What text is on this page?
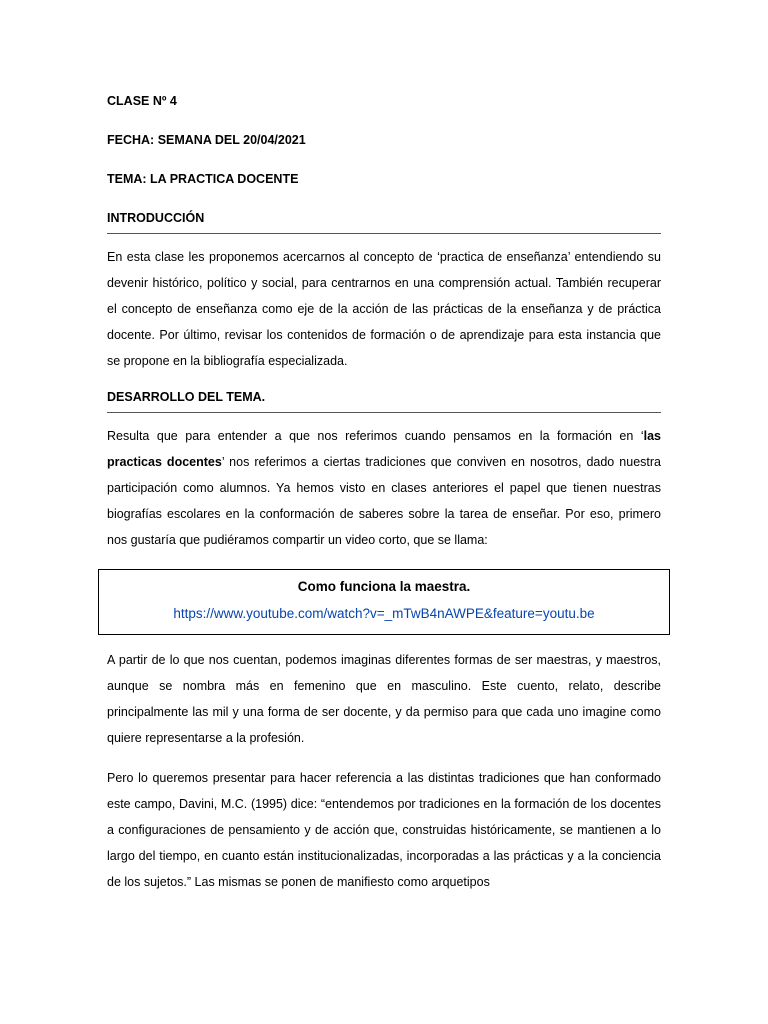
CLASE Nº 4

FECHA: SEMANA DEL 20/04/2021

TEMA: LA PRACTICA DOCENTE

INTRODUCCIÓN

En esta clase les proponemos acercarnos al concepto de ‘practica de enseñanza’ entendiendo su devenir histórico, político y social, para centrarnos en una comprensión actual. También recuperar el concepto de enseñanza como eje de la acción de las prácticas de la enseñanza y de práctica docente. Por último, revisar los contenidos de formación o de aprendizaje para esta instancia que se propone en la bibliografía especializada.

DESARROLLO DEL TEMA.

Resulta que para entender a que nos referimos cuando pensamos en la formación en ‘las practicas docentes’ nos referimos a ciertas tradiciones que conviven en nosotros, dado nuestra participación como alumnos. Ya hemos visto en clases anteriores el papel que tienen nuestras biografías escolares en la conformación de saberes sobre la tarea de enseñar. Por eso, primero nos gustaría que pudiéramos compartir un video corto, que se llama:

Como funciona la maestra.

https://www.youtube.com/watch?v=_mTwB4nAWPE&feature=youtu.be

A partir de lo que nos cuentan, podemos imaginas diferentes formas de ser maestras, y maestros, aunque se nombra más en femenino que en masculino. Este cuento, relato, describe principalmente las mil y una forma de ser docente, y da permiso para que cada uno imagine como quiere representarse a la profesión.

Pero lo queremos presentar para hacer referencia a las distintas tradiciones que han conformado este campo, Davini, M.C. (1995) dice: “entendemos por tradiciones en la formación de los docentes a configuraciones de pensamiento y de acción que, construidas históricamente, se mantienen a lo largo del tiempo, en cuanto están institucionalizadas, incorporadas a las prácticas y a la conciencia de los sujetos.” Las mismas se ponen de manifiesto como arquetipos
